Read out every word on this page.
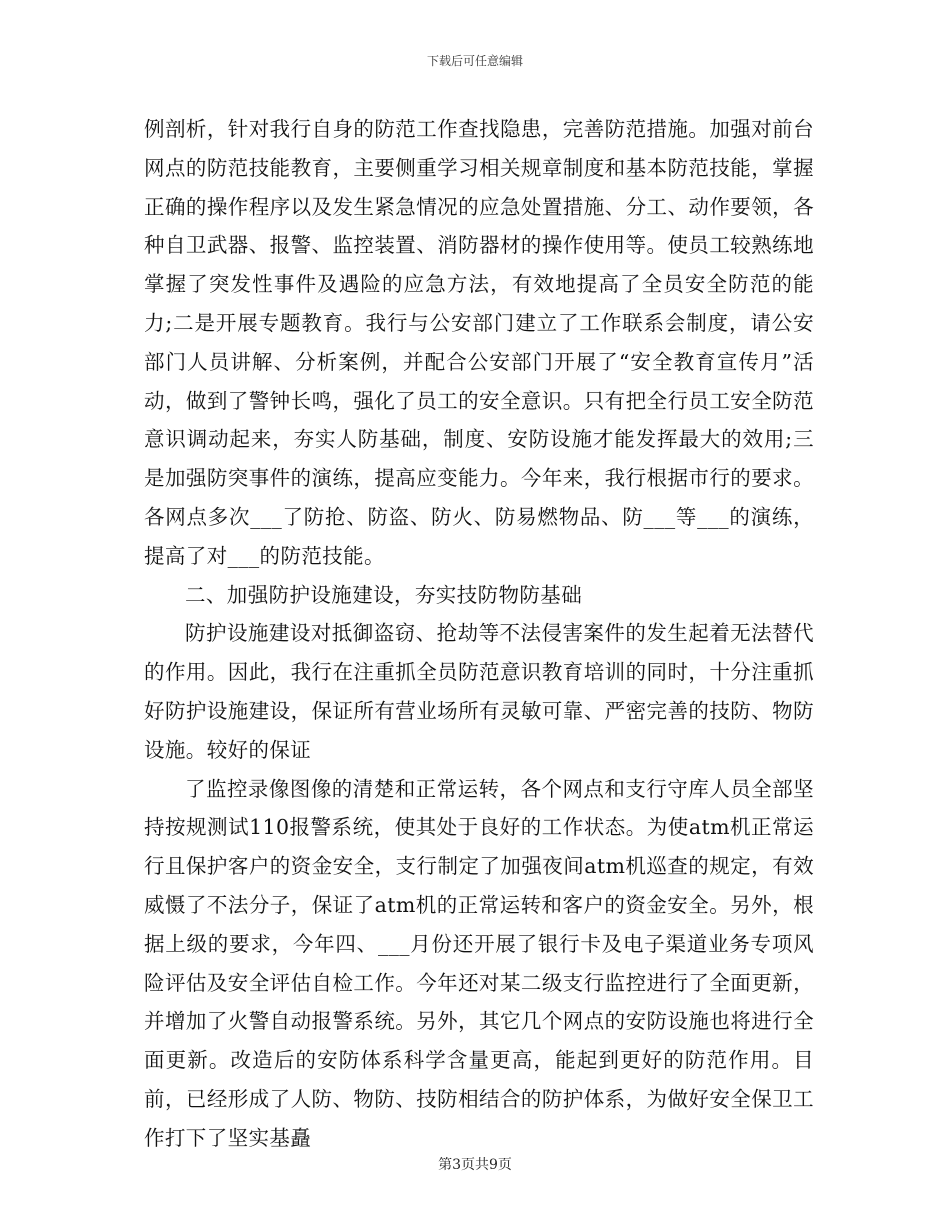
下载后可任意编辑

例剖析，针对我行自身的防范工作查找隐患，完善防范措施。加强对前台网点的防范技能教育，主要侧重学习相关规章制度和基本防范技能，掌握正确的操作程序以及发生紧急情况的应急处置措施、分工、动作要领，各种自卫武器、报警、监控装置、消防器材的操作使用等。使员工较熟练地掌握了突发性事件及遇险的应急方法，有效地提高了全员安全防范的能力;二是开展专题教育。我行与公安部门建立了工作联系会制度，请公安部门人员讲解、分析案例，并配合公安部门开展了“安全教育宣传月”活动，做到了警钟长鸣，强化了员工的安全意识。只有把全行员工安全防范意识调动起来，夯实人防基础，制度、安防设施才能发挥最大的效用;三是加强防突事件的演练，提高应变能力。今年来，我行根据市行的要求。各网点多次___了防抢、防盗、防火、防易燃物品、防___等___的演练，提高了对___的防范技能。

二、加强防护设施建设，夯实技防物防基础

防护设施建设对抵御盗窃、抢劫等不法侵害案件的发生起着无法替代的作用。因此，我行在注重抓全员防范意识教育培训的同时，十分注重抓好防护设施建设，保证所有营业场所有灵敏可靠、严密完善的技防、物防设施。较好的保证

了监控录像图像的清楚和正常运转，各个网点和支行守库人员全部坚持按规测试110报警系统，使其处于良好的工作状态。为使atm机正常运行且保护客户的资金安全，支行制定了加强夜间atm机巡查的规定，有效威慑了不法分子，保证了atm机的正常运转和客户的资金安全。另外，根据上级的要求，今年四、___月份还开展了银行卡及电子渠道业务专项风险评估及安全评估自检工作。今年还对某二级支行监控进行了全面更新，并增加了火警自动报警系统。另外，其它几个网点的安防设施也将进行全面更新。改造后的安防体系科学含量更高，能起到更好的防范作用。目前，已经形成了人防、物防、技防相结合的防护体系，为做好安全保卫工作打下了坚实基矗

第3页共9页
